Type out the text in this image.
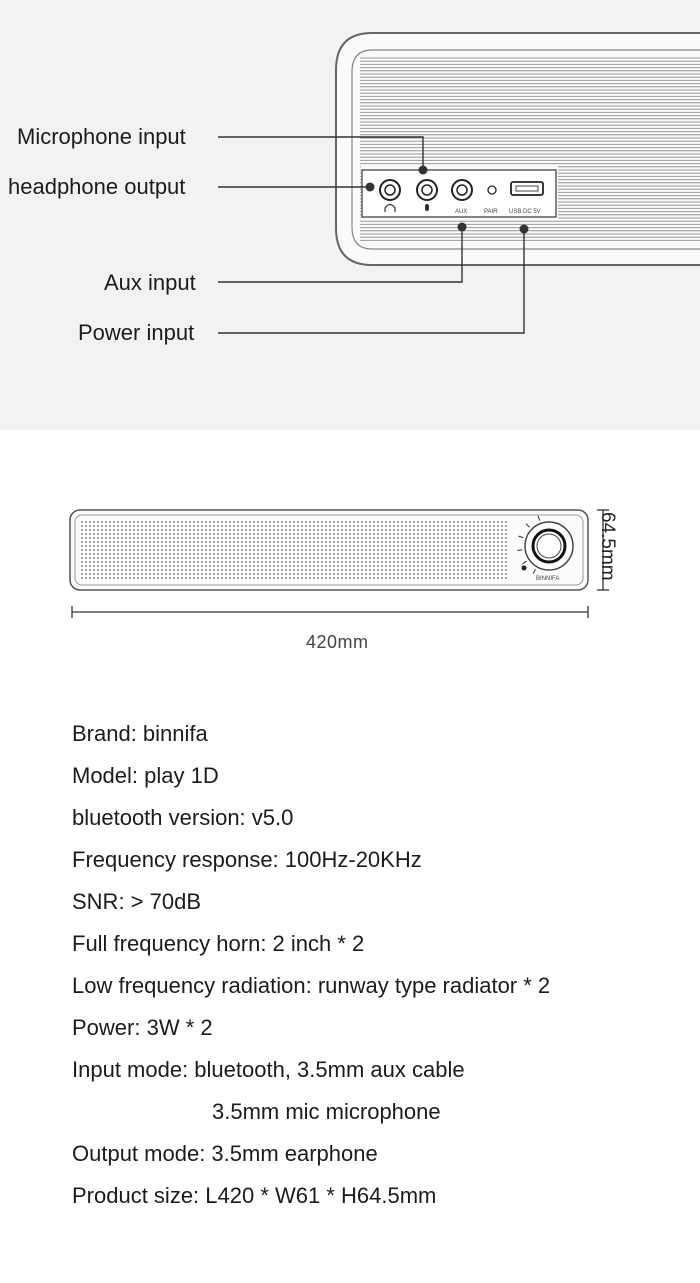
AUX	PAIR USB DC 5V
Microphone input
headphone output
Aux input
Power input
BINNIFA 64.5mm
420mm
Brand: binnifa
Model: play 1D
bluetooth version: v5.0
Frequency response: 100Hz-20KHz
SNR: > 70dB
Full frequency horn: 2 inch * 2
Low frequency radiation: runway type radiator * 2
Power: 3W * 2
Input mode: bluetooth, 3.5mm aux cable
3.5mm mic microphone
Output mode: 3.5mm earphone
Product size: L420 * W61 * H64.5mm
